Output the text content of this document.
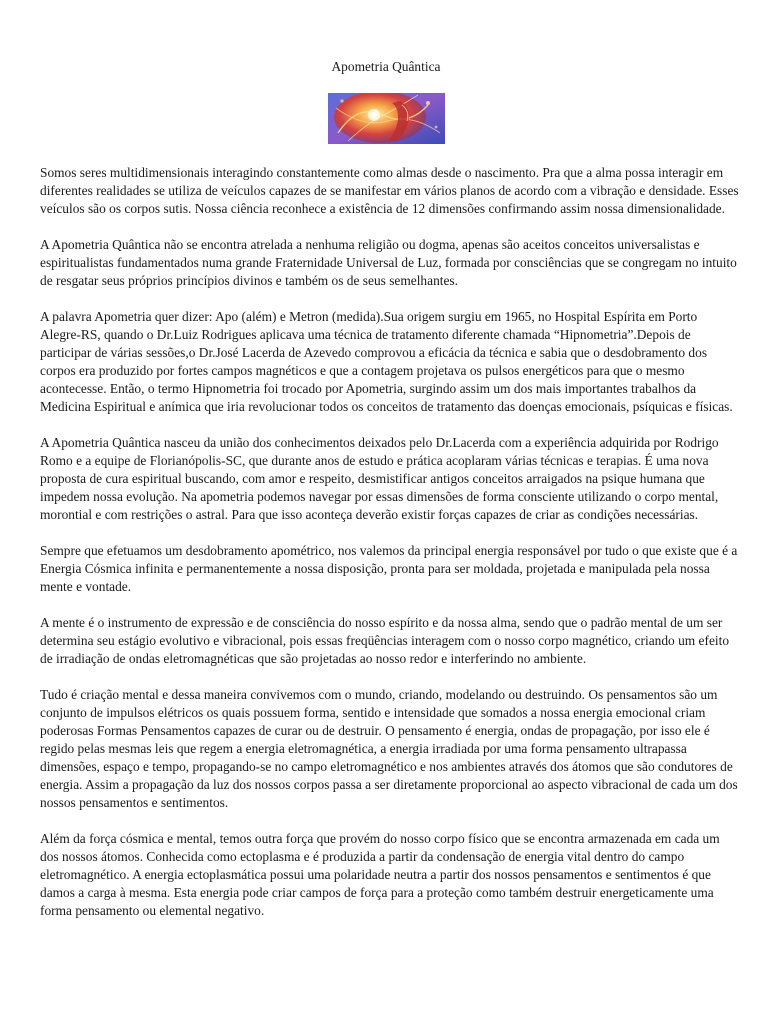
Apometria Quântica

Somos seres multidimensionais interagindo constantemente como almas desde o nascimento. Pra que a alma possa interagir em diferentes realidades se utiliza de veículos capazes de se manifestar em vários planos de acordo com a vibração e densidade. Esses veículos são os corpos sutis. Nossa ciência reconhece a existência de 12 dimensões confirmando assim nossa dimensionalidade.

A Apometria Quântica não se encontra atrelada a nenhuma religião ou dogma, apenas são aceitos conceitos universalistas e espiritualistas fundamentados numa grande Fraternidade Universal de Luz, formada por consciências que se congregam no intuito de resgatar seus próprios princípios divinos e também os de seus semelhantes.

A palavra Apometria quer dizer: Apo (além) e Metron (medida).Sua origem surgiu em 1965, no Hospital Espírita em Porto Alegre-RS, quando o Dr.Luiz Rodrigues aplicava uma técnica de tratamento diferente chamada “Hipnometria”.Depois de participar de várias sessões,o Dr.José Lacerda de Azevedo comprovou a eficácia da técnica e sabia que o desdobramento dos corpos era produzido por fortes campos magnéticos e que a contagem projetava os pulsos energéticos para que o mesmo acontecesse. Então, o termo Hipnometria foi trocado por Apometria, surgindo assim um dos mais importantes trabalhos da Medicina Espiritual e anímica que iria revolucionar todos os conceitos de tratamento das doenças emocionais, psíquicas e físicas.

A Apometria Quântica nasceu da união dos conhecimentos deixados pelo Dr.Lacerda com a experiência adquirida por Rodrigo Romo e a equipe de Florianópolis-SC, que durante anos de estudo e prática acoplaram várias técnicas e terapias. É uma nova proposta de cura espiritual buscando, com amor e respeito, desmistificar antigos conceitos arraigados na psique humana que impedem nossa evolução. Na apometria podemos navegar por essas dimensões de forma consciente utilizando o corpo mental, morontial e com restrições o astral. Para que isso aconteça deverão existir forças capazes de criar as condições necessárias.

Sempre que efetuamos um desdobramento apométrico, nos valemos da principal energia responsável por tudo o que existe que é a Energia Cósmica infinita e permanentemente a nossa disposição, pronta para ser moldada, projetada e manipulada pela nossa mente e vontade.

A mente é o instrumento de expressão e de consciência do nosso espírito e da nossa alma, sendo que o padrão mental de um ser determina seu estágio evolutivo e vibracional, pois essas freqüências interagem com o nosso corpo magnético, criando um efeito de irradiação de ondas eletromagnéticas que são projetadas ao nosso redor e interferindo no ambiente.

Tudo é criação mental e dessa maneira convivemos com o mundo, criando, modelando ou destruindo. Os pensamentos são um conjunto de impulsos elétricos os quais possuem forma, sentido e intensidade que somados a nossa energia emocional criam poderosas Formas Pensamentos capazes de curar ou de destruir. O pensamento é energia, ondas de propagação, por isso ele é regido pelas mesmas leis que regem a energia eletromagnética, a energia irradiada por uma forma pensamento ultrapassa dimensões, espaço e tempo, propagando-se no campo eletromagnético e nos ambientes através dos átomos que são condutores de energia. Assim a propagação da luz dos nossos corpos passa a ser diretamente proporcional ao aspecto vibracional de cada um dos nossos pensamentos e sentimentos.

Além da força cósmica e mental, temos outra força que provém do nosso corpo físico que se encontra armazenada em cada um dos nossos átomos. Conhecida como ectoplasma e é produzida a partir da condensação de energia vital dentro do campo eletromagnético. A energia ectoplasmática possui uma polaridade neutra a partir dos nossos pensamentos e sentimentos é que damos a carga à mesma. Esta energia pode criar campos de força para a proteção como também destruir energeticamente uma forma pensamento ou elemental negativo.
